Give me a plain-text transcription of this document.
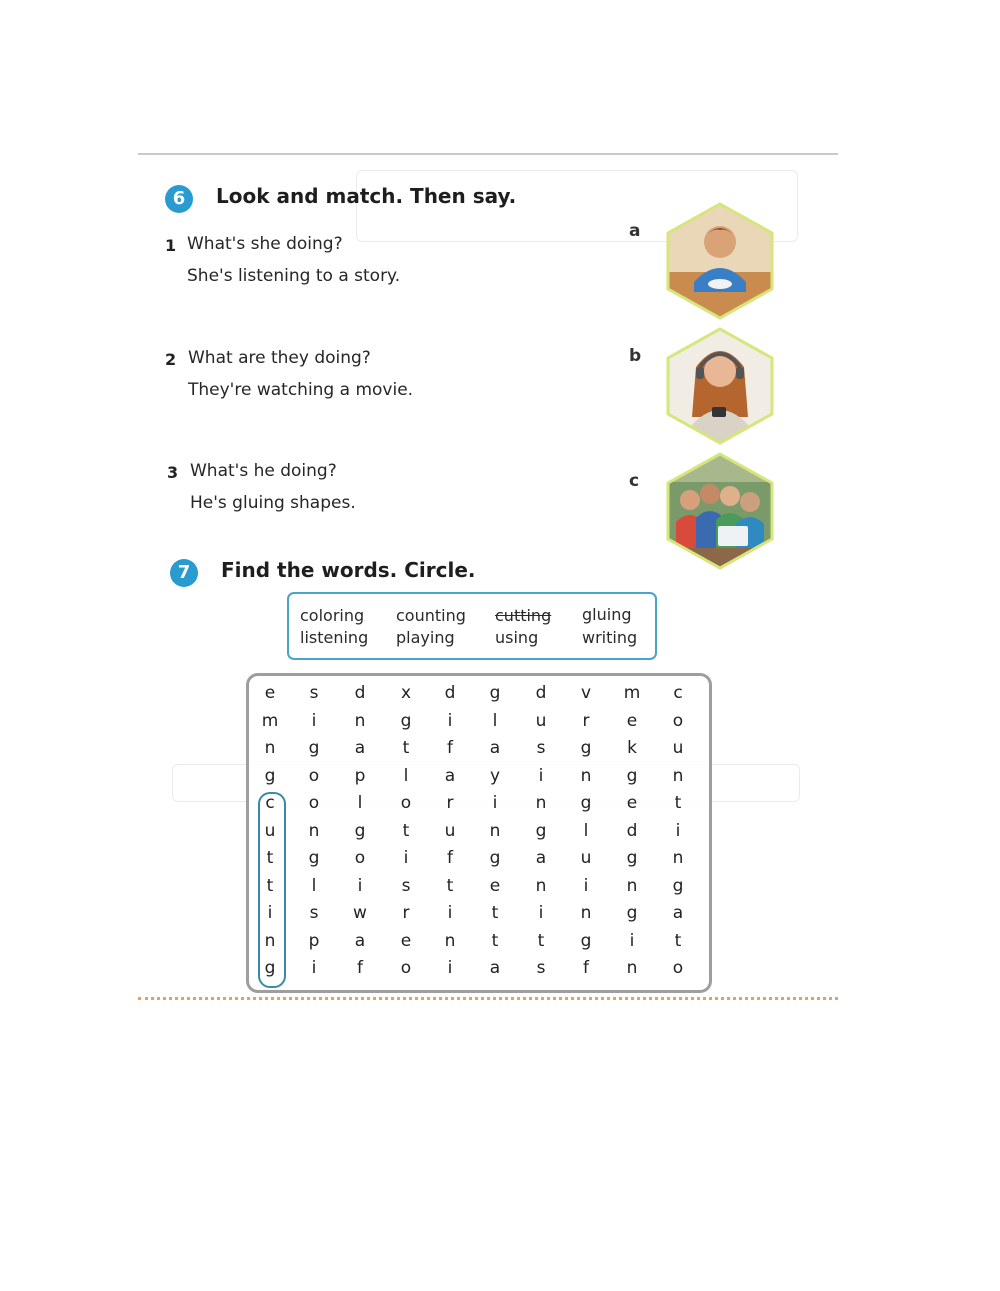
6	Look and match. Then say.
1 What's she doing?
She's listening to a story.
2 What are they doing?
They're watching a movie.
3 What's he doing?
He's gluing shapes.
a
b
c
7	Find the words. Circle.
coloring counting cutting gluing
listening playing	using	writing
e	s	d	x	d	g	d	v	m	c
m	i	n	g	i	l	u	r	e	o
n	g	a	t	f	a	s	g	k	u
g	o	p	l	a	y	i	n	g	n
c	o	l	o	r	i	n	g	e	t
u	n	g	t	u	n	g	l	d	i
t	g	o	i	f	g	a	u	g	n
t	l	i	s	t	e	n	i	n	g
i	s	w	r	i	t	i	n	g	a
n	p	a	e	n	t	t	g	i	t
g	i	f	o	i	a	s	f	n	o
